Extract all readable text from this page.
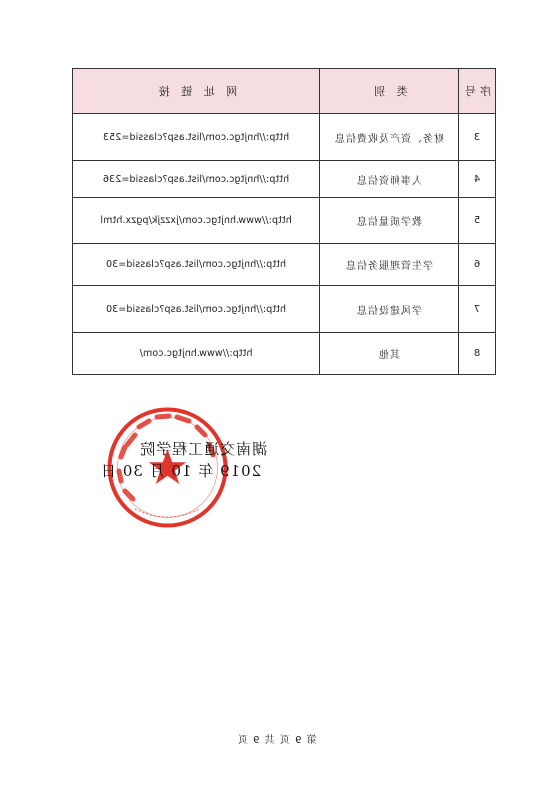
序号	类 别	网 址 链 接
3	财务、资产及收费信息	http://hnjtgc.com/list.asp?classid=253
4	人事师资信息	http://hnjtgc.com/list.asp?classid=236
5	教学质量信息	http://www.hnjtgc.com/jxzzjk/pgzx.html
6	学生管理服务信息	http://hnjtgc.com/list.asp?classid=30
7	学风建设信息	http://hnjtgc.com/list.asp?classid=30
8	其他	http://www.hnjtgc.com/
湖南交通工程学院
2019 年 10 月 30 日
第 9 页 共 9 页
